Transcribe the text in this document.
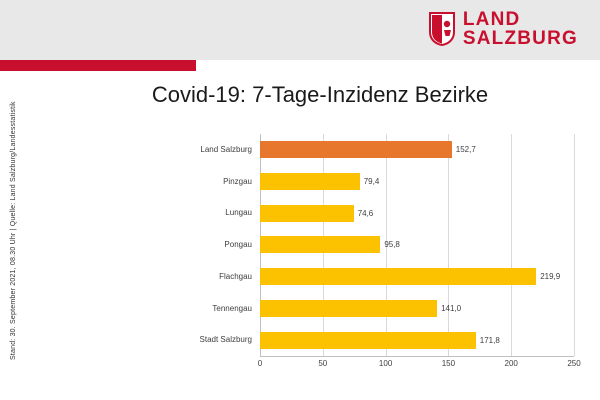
LAND
SALZBURG
Stand: 30. September 2021, 08.30 Uhr | Quelle: Land Salzburg/Landesstatistik
Covid-19: 7-Tage-Inzidenz Bezirke
Land Salzburg	152,7
Pinzgau	79,4
Lungau	74,6
Pongau	95,8
Flachgau	219,9
Tennengau	141,0
Stadt Salzburg	171,8
0	50	100	150	200	250
